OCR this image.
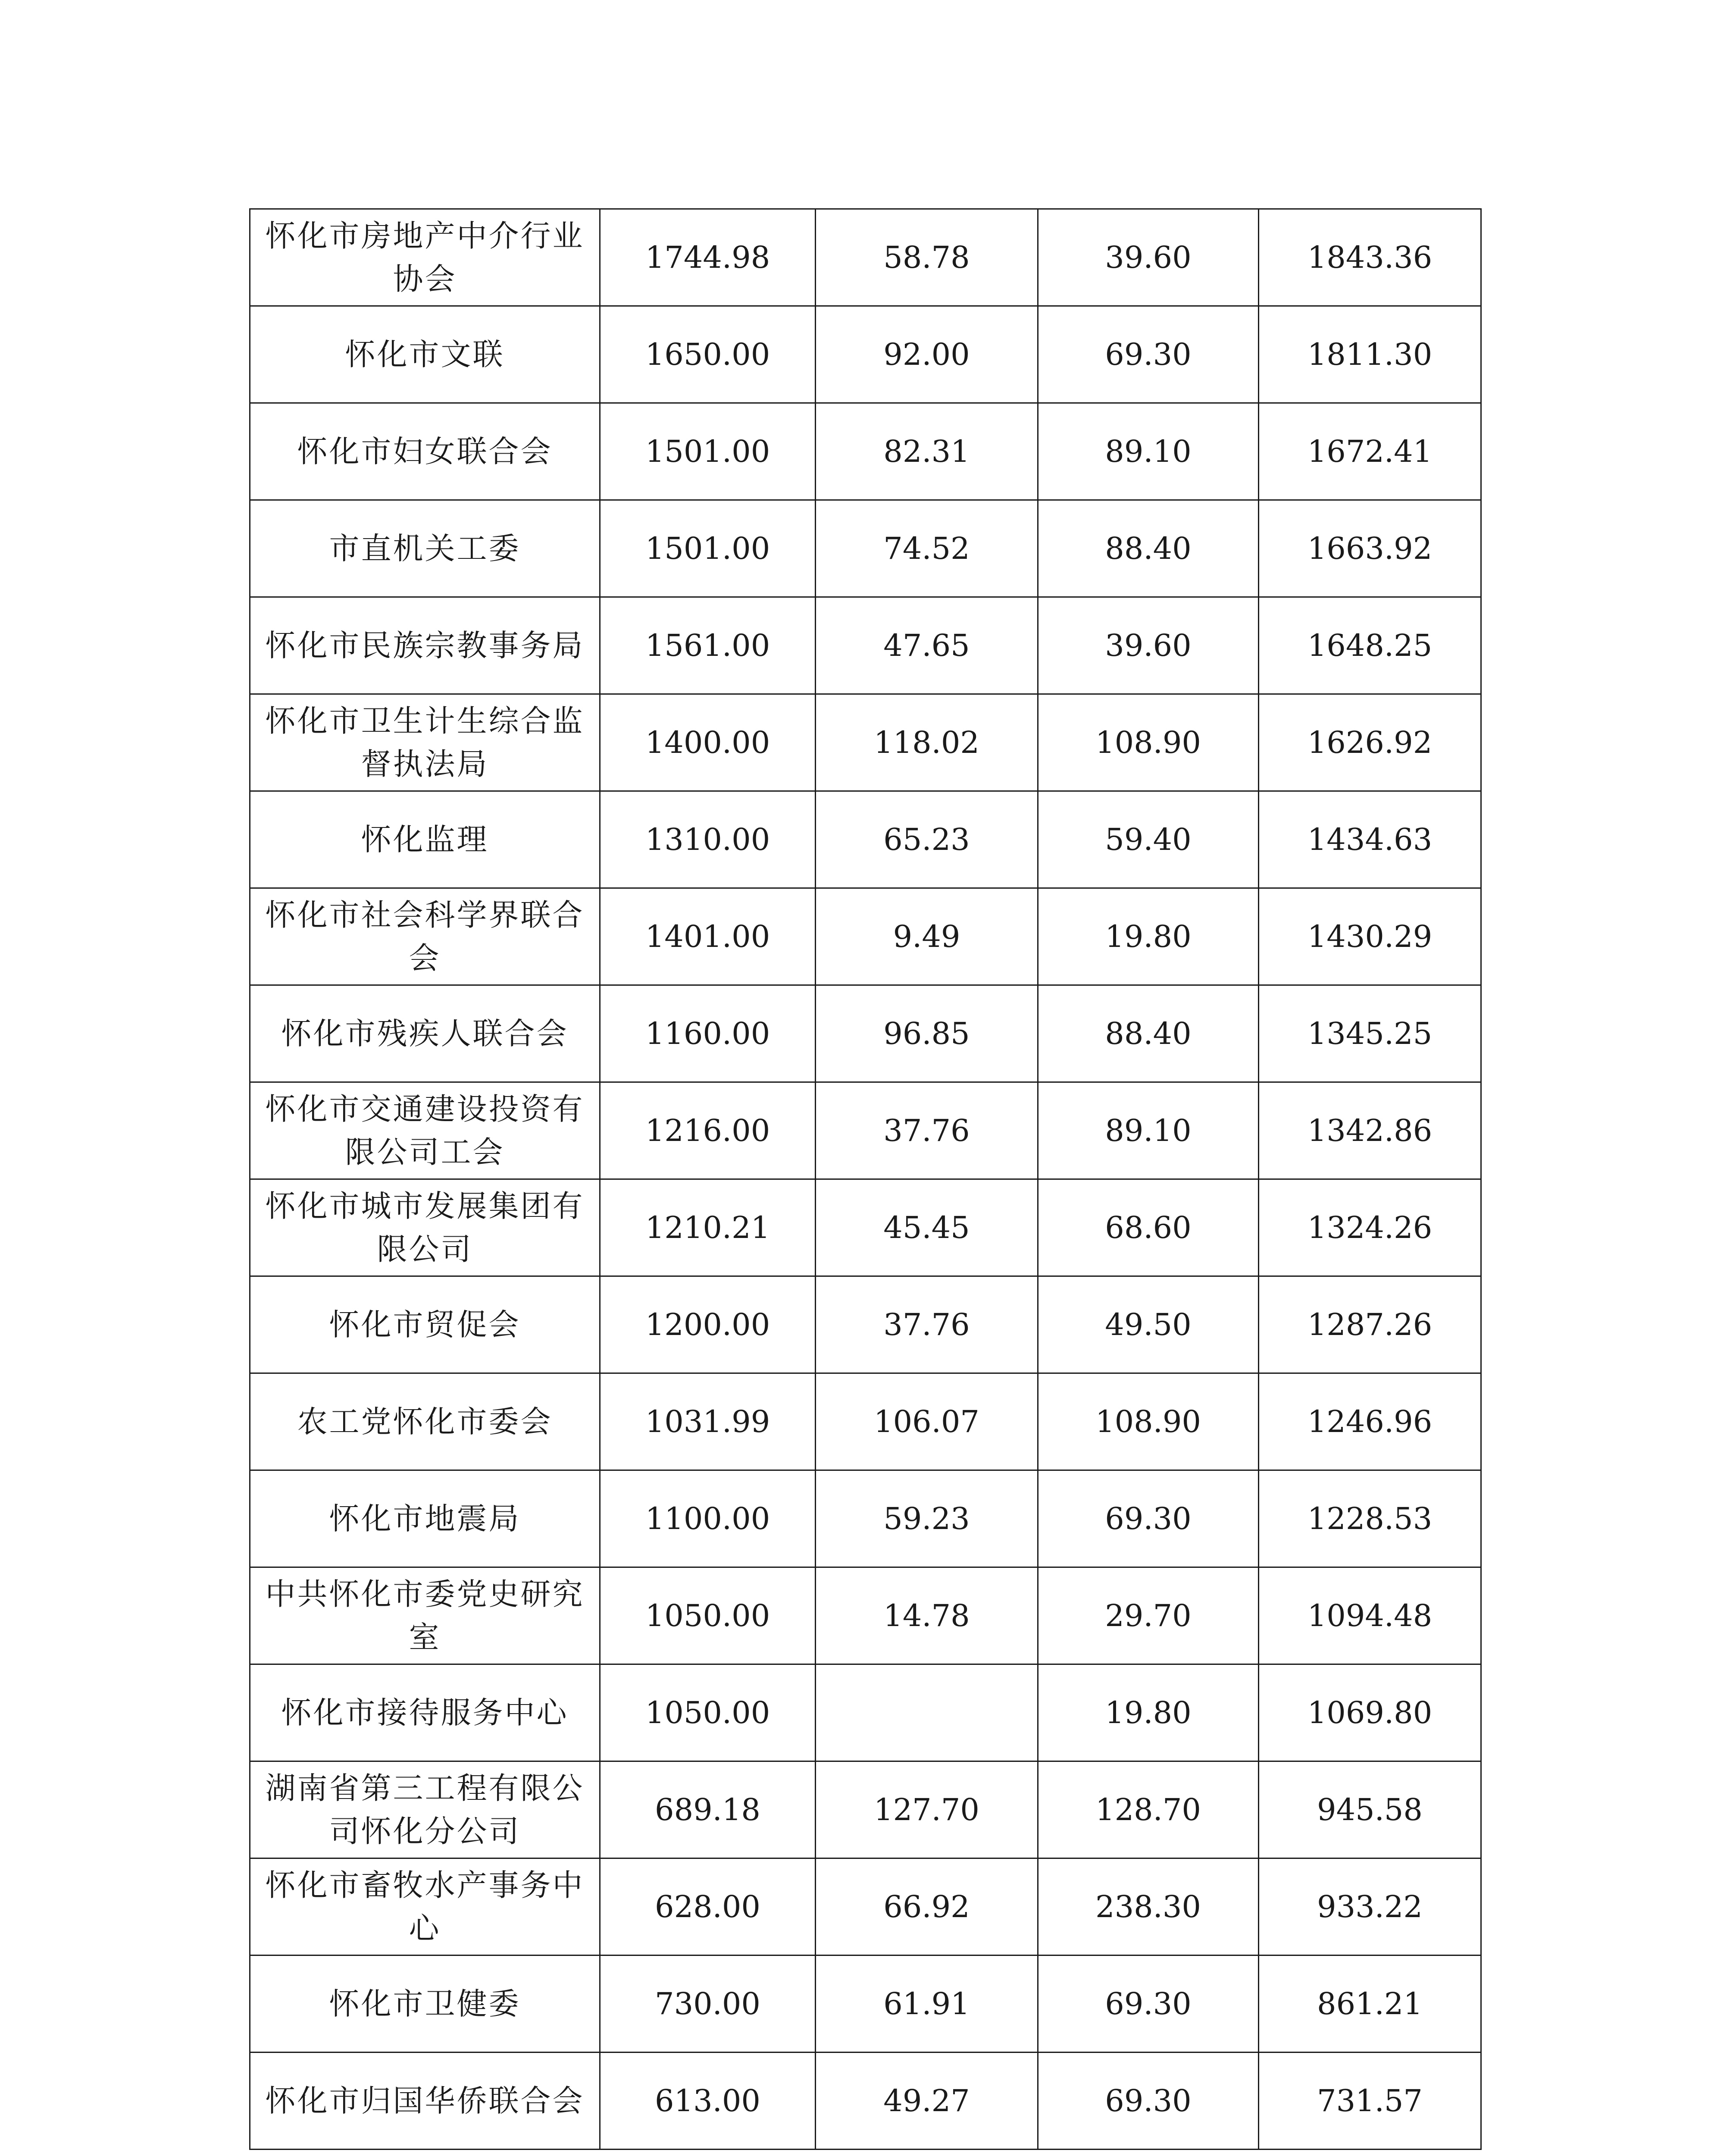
怀化市房地产中介行业协会	1744.98	58.78	39.60	1843.36
怀化市文联	1650.00	92.00	69.30	1811.30
怀化市妇女联合会	1501.00	82.31	89.10	1672.41
市直机关工委	1501.00	74.52	88.40	1663.92
怀化市民族宗教事务局	1561.00	47.65	39.60	1648.25
怀化市卫生计生综合监督执法局	1400.00	118.02	108.90	1626.92
怀化监理	1310.00	65.23	59.40	1434.63
怀化市社会科学界联合会	1401.00	9.49	19.80	1430.29
怀化市残疾人联合会	1160.00	96.85	88.40	1345.25
怀化市交通建设投资有限公司工会	1216.00	37.76	89.10	1342.86
怀化市城市发展集团有限公司	1210.21	45.45	68.60	1324.26
怀化市贸促会	1200.00	37.76	49.50	1287.26
农工党怀化市委会	1031.99	106.07	108.90	1246.96
怀化市地震局	1100.00	59.23	69.30	1228.53
中共怀化市委党史研究室	1050.00	14.78	29.70	1094.48
怀化市接待服务中心	1050.00		19.80	1069.80
湖南省第三工程有限公司怀化分公司	689.18	127.70	128.70	945.58
怀化市畜牧水产事务中心	628.00	66.92	238.30	933.22
怀化市卫健委	730.00	61.91	69.30	861.21
怀化市归国华侨联合会	613.00	49.27	69.30	731.57
